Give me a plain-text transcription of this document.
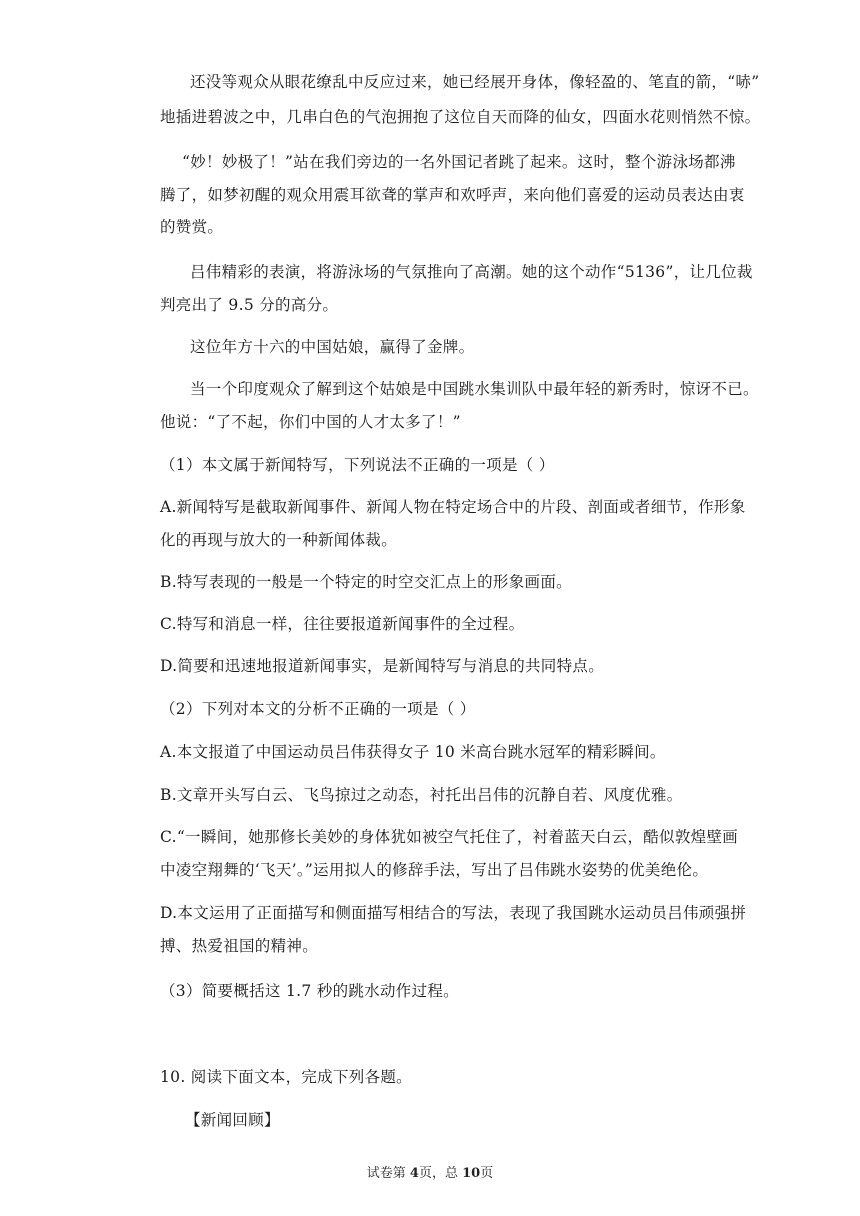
还没等观众从眼花缭乱中反应过来，她已经展开身体，像轻盈的、笔直的箭，“哧”
地插进碧波之中，几串白色的气泡拥抱了这位自天而降的仙女，四面水花则悄然不惊。
“妙！妙极了！”站在我们旁边的一名外国记者跳了起来。这时，整个游泳场都沸
腾了，如梦初醒的观众用震耳欲聋的掌声和欢呼声，来向他们喜爱的运动员表达由衷
的赞赏。
吕伟精彩的表演，将游泳场的气氛推向了高潮。她的这个动作“5136”，让几位裁
判亮出了 9.5 分的高分。
这位年方十六的中国姑娘，赢得了金牌。
当一个印度观众了解到这个姑娘是中国跳水集训队中最年轻的新秀时，惊讶不已。
他说：“了不起，你们中国的人才太多了！”
（1）本文属于新闻特写，下列说法不正确的一项是（ ）
A.新闻特写是截取新闻事件、新闻人物在特定场合中的片段、剖面或者细节，作形象
化的再现与放大的一种新闻体裁。
B.特写表现的一般是一个特定的时空交汇点上的形象画面。
C.特写和消息一样，往往要报道新闻事件的全过程。
D.简要和迅速地报道新闻事实，是新闻特写与消息的共同特点。
（2）下列对本文的分析不正确的一项是（ ）
A.本文报道了中国运动员吕伟获得女子 10 米高台跳水冠军的精彩瞬间。
B.文章开头写白云、飞鸟掠过之动态，衬托出吕伟的沉静自若、风度优雅。
C.“一瞬间，她那修长美妙的身体犹如被空气托住了，衬着蓝天白云，酷似敦煌壁画
中凌空翔舞的‘飞天’。”运用拟人的修辞手法，写出了吕伟跳水姿势的优美绝伦。
D.本文运用了正面描写和侧面描写相结合的写法，表现了我国跳水运动员吕伟顽强拼
搏、热爱祖国的精神。
（3）简要概括这 1.7 秒的跳水动作过程。
10. 阅读下面文本，完成下列各题。
【新闻回顾】
试卷第 4页，总 10页
